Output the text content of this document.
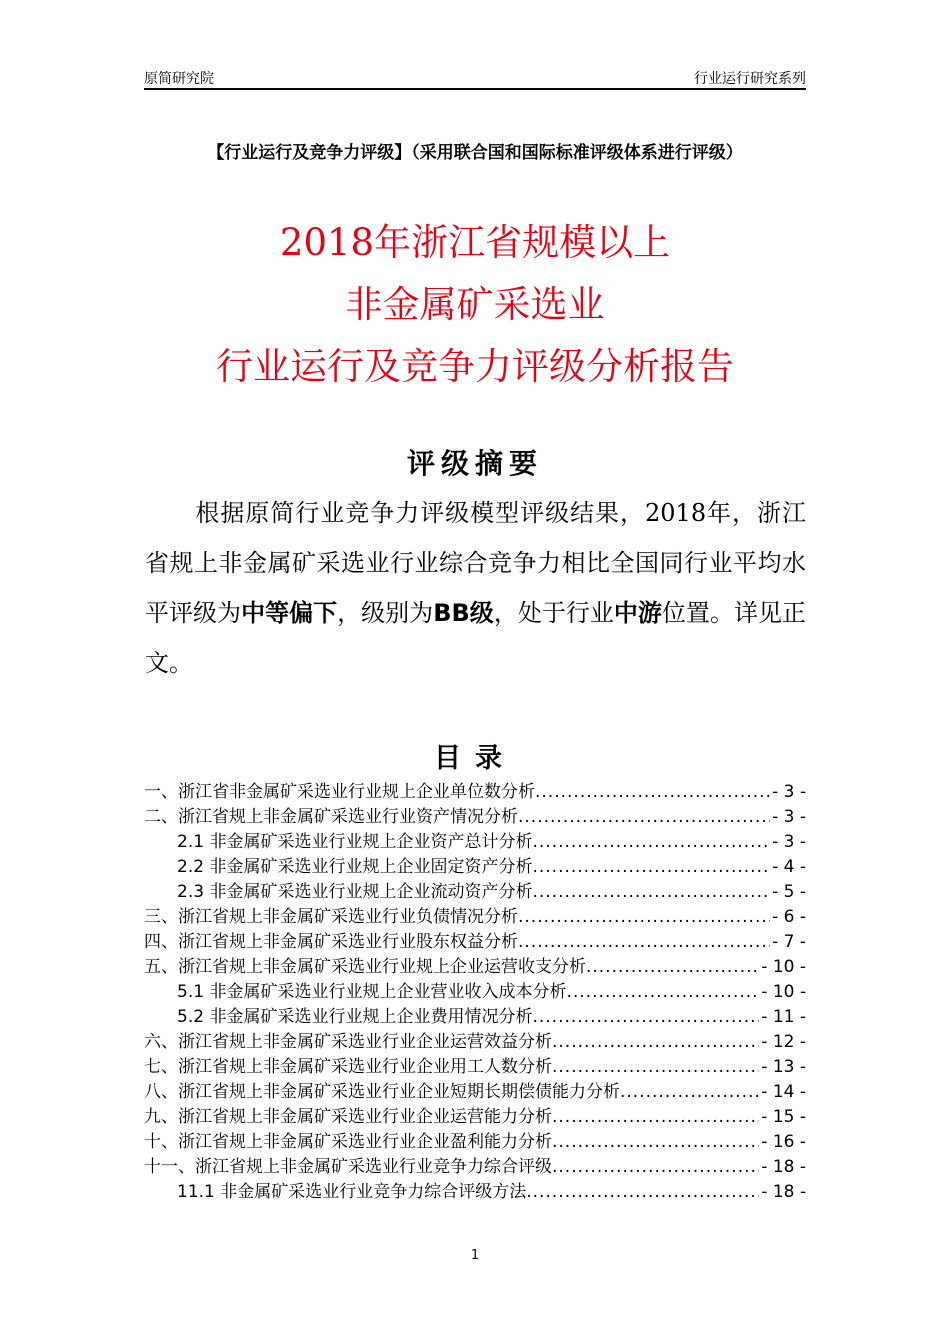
原简研究院	行业运行研究系列
【行业运行及竞争力评级】（采用联合国和国际标准评级体系进行评级）
2018年浙江省规模以上
非金属矿采选业
行业运行及竞争力评级分析报告
评级摘要
根据原简行业竞争力评级模型评级结果，2018年，浙江省规上非金属矿采选业行业综合竞争力相比全国同行业平均水平评级为中等偏下，级别为BB级，处于行业中游位置。详见正文。
目录
一、浙江省非金属矿采选业行业规上企业单位数分析 .....	- 3 -
二、浙江省规上非金属矿采选业行业资产情况分析 .....	- 3 -
2.1 非金属矿采选业行业规上企业资产总计分析 .....	- 3 -
2.2 非金属矿采选业行业规上企业固定资产分析 .....	- 4 -
2.3 非金属矿采选业行业规上企业流动资产分析 .....	- 5 -
三、浙江省规上非金属矿采选业行业负债情况分析 .....	- 6 -
四、浙江省规上非金属矿采选业行业股东权益分析 .....	- 7 -
五、浙江省规上非金属矿采选业行业规上企业运营收支分析 .....	- 10 -
5.1 非金属矿采选业行业规上企业营业收入成本分析 .....	- 10 -
5.2 非金属矿采选业行业规上企业费用情况分析 .....	- 11 -
六、浙江省规上非金属矿采选业行业企业运营效益分析 .....	- 12 -
七、浙江省规上非金属矿采选业行业企业用工人数分析 .....	- 13 -
八、浙江省规上非金属矿采选业行业企业短期长期偿债能力分析 .....	- 14 -
九、浙江省规上非金属矿采选业行业企业运营能力分析 .....	- 15 -
十、浙江省规上非金属矿采选业行业企业盈利能力分析 .....	- 16 -
十一、浙江省规上非金属矿采选业行业竞争力综合评级 .....	- 18 -
11.1 非金属矿采选业行业竞争力综合评级方法 .....	- 18 -
1
